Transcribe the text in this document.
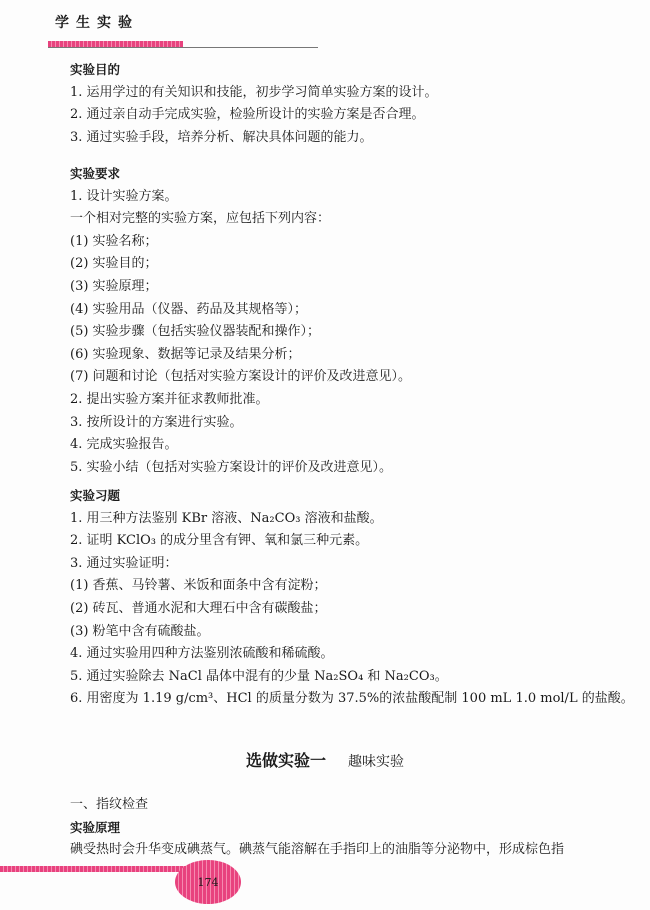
学生实验
实验目的
1. 运用学过的有关知识和技能，初步学习简单实验方案的设计。
2. 通过亲自动手完成实验，检验所设计的实验方案是否合理。
3. 通过实验手段，培养分析、解决具体问题的能力。
实验要求
1. 设计实验方案。
一个相对完整的实验方案，应包括下列内容：
(1) 实验名称；
(2) 实验目的；
(3) 实验原理；
(4) 实验用品（仪器、药品及其规格等）；
(5) 实验步骤（包括实验仪器装配和操作）；
(6) 实验现象、数据等记录及结果分析；
(7) 问题和讨论（包括对实验方案设计的评价及改进意见）。
2. 提出实验方案并征求教师批准。
3. 按所设计的方案进行实验。
4. 完成实验报告。
5. 实验小结（包括对实验方案设计的评价及改进意见）。
实验习题
1. 用三种方法鉴别 KBr 溶液、Na₂CO₃ 溶液和盐酸。
2. 证明 KClO₃ 的成分里含有钾、氧和氯三种元素。
3. 通过实验证明：
(1) 香蕉、马铃薯、米饭和面条中含有淀粉；
(2) 砖瓦、普通水泥和大理石中含有碳酸盐；
(3) 粉笔中含有硫酸盐。
4. 通过实验用四种方法鉴别浓硫酸和稀硫酸。
5. 通过实验除去 NaCl 晶体中混有的少量 Na₂SO₄ 和 Na₂CO₃。
6. 用密度为 1.19 g/cm³、HCl 的质量分数为 37.5%的浓盐酸配制 100 mL 1.0 mol/L 的盐酸。
选做实验一 趣味实验
一、指纹检查
实验原理
碘受热时会升华变成碘蒸气。碘蒸气能溶解在手指印上的油脂等分泌物中，形成棕色指
174
